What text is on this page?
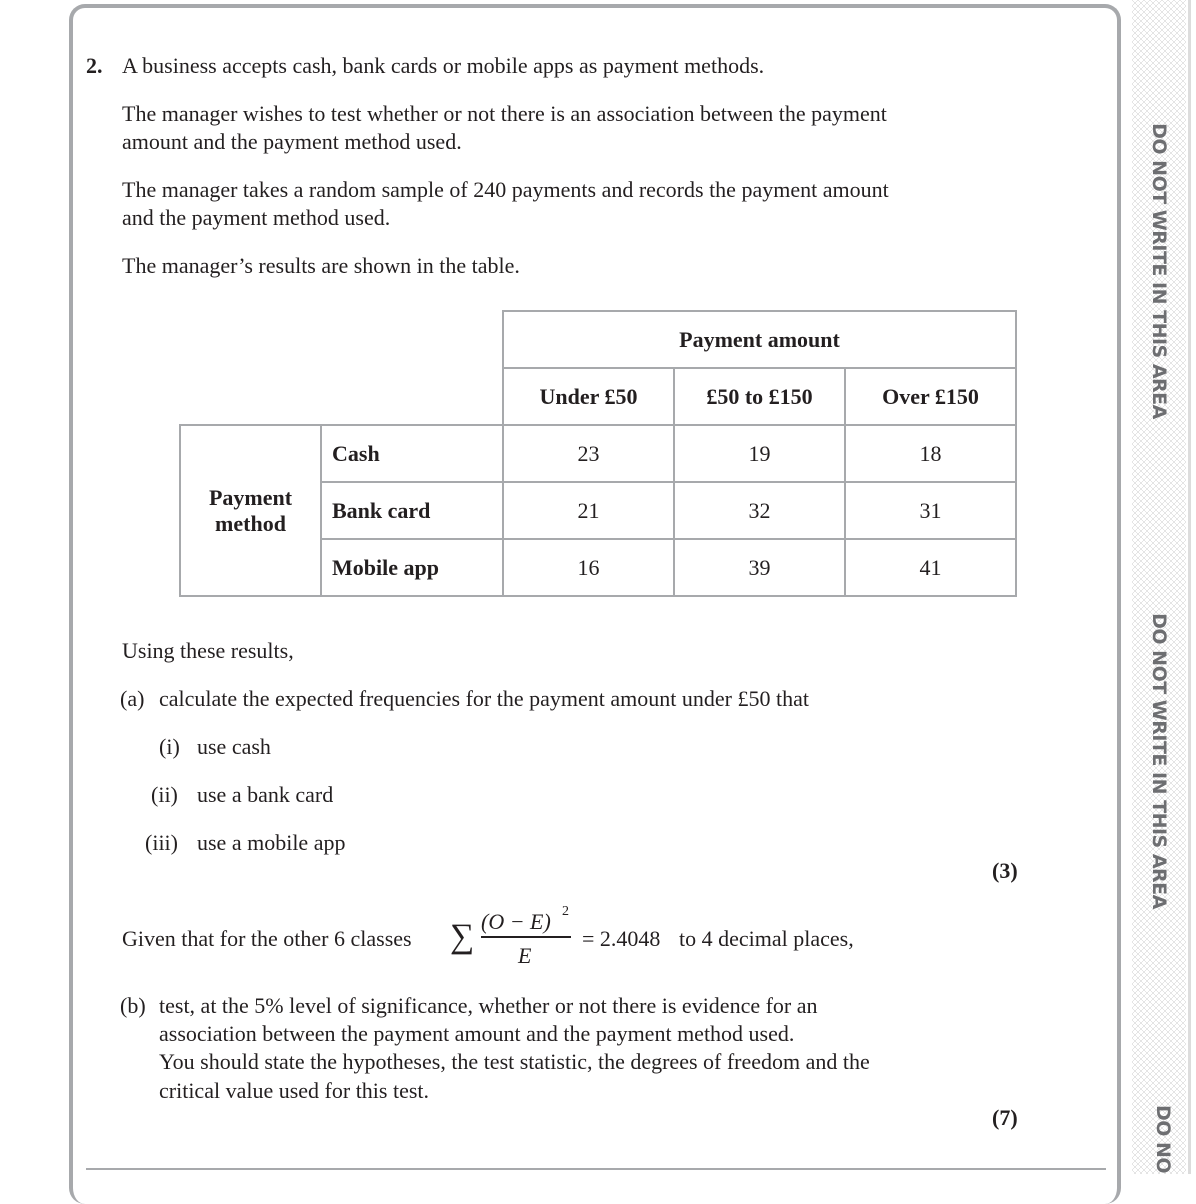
DO NOT WRITE IN THIS AREA
DO NOT WRITE IN THIS AREA
DO NO
2. A business accepts cash, bank cards or mobile apps as payment methods.
The manager wishes to test whether or not there is an association between the payment
amount and the payment method used.
The manager takes a random sample of 240 payments and records the payment amount
and the payment method used.
The manager’s results are shown in the table.
		Payment amount		
		Under £50	£50 to £150	Over £150
Payment
method	Cash	23	19	18
	Bank card	21	32	31
	Mobile app	16	39	41
Using these results,
(a) calculate the expected frequencies for the payment amount under £50 that
(i) use cash
(ii) use a bank card
(iii) use a mobile app
(3)
Given that for the other 6 classes ∑ (O − E) 2
E
= 2.4048 to 4 decimal places,
(b) test, at the 5% level of significance, whether or not there is evidence for an
association between the payment amount and the payment method used.
You should state the hypotheses, the test statistic, the degrees of freedom and the
critical value used for this test.
(7)
